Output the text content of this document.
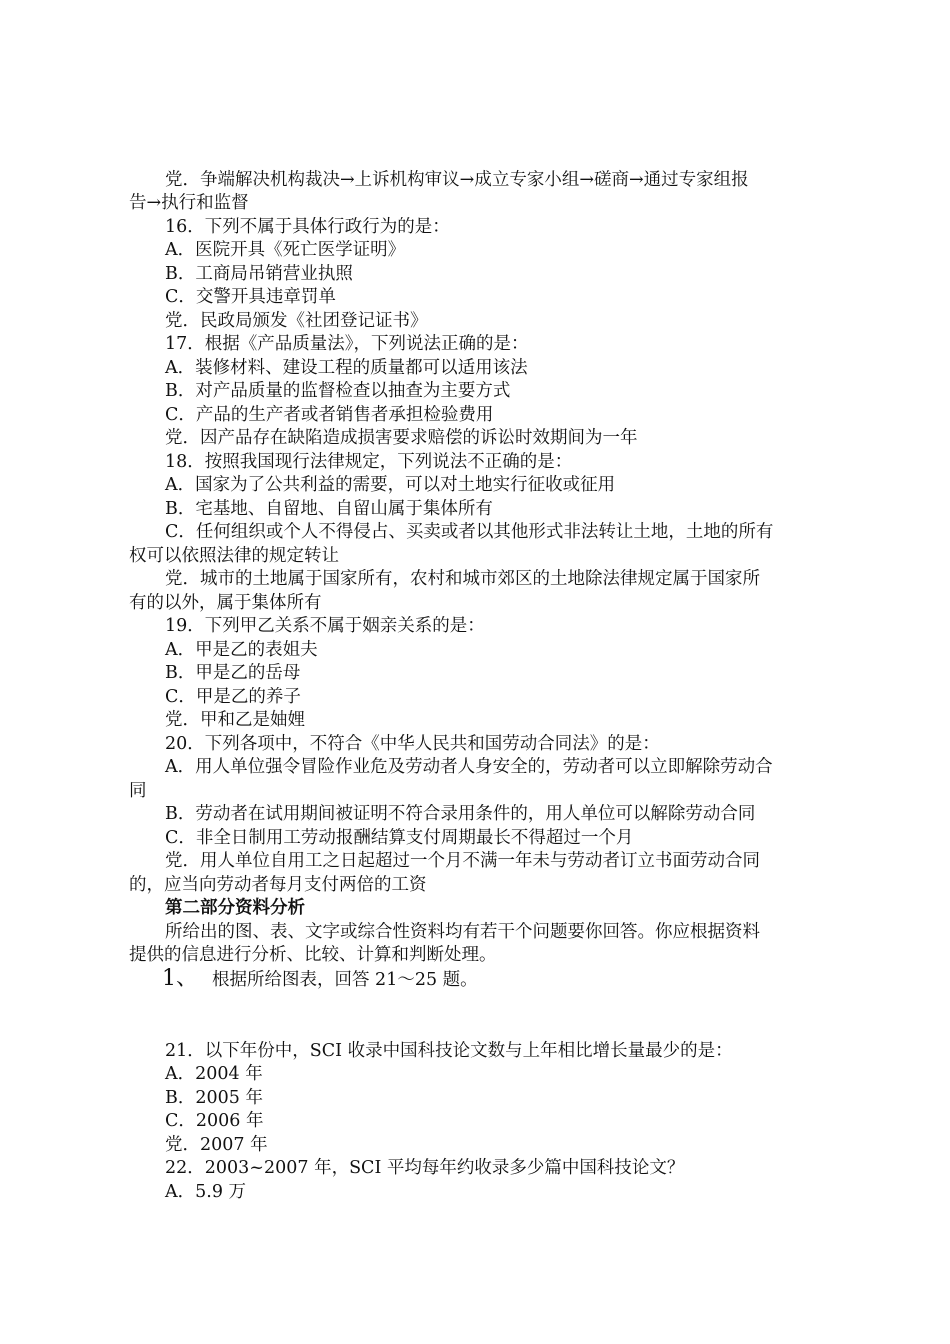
党．争端解决机构裁决→上诉机构审议→成立专家小组→磋商→通过专家组报
告→执行和监督
16．下列不属于具体行政行为的是：
A．医院开具《死亡医学证明》
B．工商局吊销营业执照
C．交警开具违章罚单
党．民政局颁发《社团登记证书》
17．根据《产品质量法》，下列说法正确的是：
A．装修材料、建设工程的质量都可以适用该法
B．对产品质量的监督检查以抽查为主要方式
C．产品的生产者或者销售者承担检验费用
党．因产品存在缺陷造成损害要求赔偿的诉讼时效期间为一年
18．按照我国现行法律规定，下列说法不正确的是：
A．国家为了公共利益的需要，可以对土地实行征收或征用
B．宅基地、自留地、自留山属于集体所有
C．任何组织或个人不得侵占、买卖或者以其他形式非法转让土地，土地的所有
权可以依照法律的规定转让
党．城市的土地属于国家所有，农村和城市郊区的土地除法律规定属于国家所
有的以外，属于集体所有
19．下列甲乙关系不属于姻亲关系的是：
A．甲是乙的表姐夫
B．甲是乙的岳母
C．甲是乙的养子
党．甲和乙是妯娌
20．下列各项中，不符合《中华人民共和国劳动合同法》的是：
A．用人单位强令冒险作业危及劳动者人身安全的，劳动者可以立即解除劳动合
同
B．劳动者在试用期间被证明不符合录用条件的，用人单位可以解除劳动合同
C．非全日制用工劳动报酬结算支付周期最长不得超过一个月
党．用人单位自用工之日起超过一个月不满一年未与劳动者订立书面劳动合同
的，应当向劳动者每月支付两倍的工资
第二部分资料分析
所给出的图、表、文字或综合性资料均有若干个问题要你回答。你应根据资料
提供的信息进行分析、比较、计算和判断处理。
1、 根据所给图表，回答 21～25 题。
21．以下年份中，SCI 收录中国科技论文数与上年相比增长量最少的是：
A．2004 年
B．2005 年
C．2006 年
党．2007 年
22．2003~2007 年，SCI 平均每年约收录多少篇中国科技论文？
A．5.9 万
